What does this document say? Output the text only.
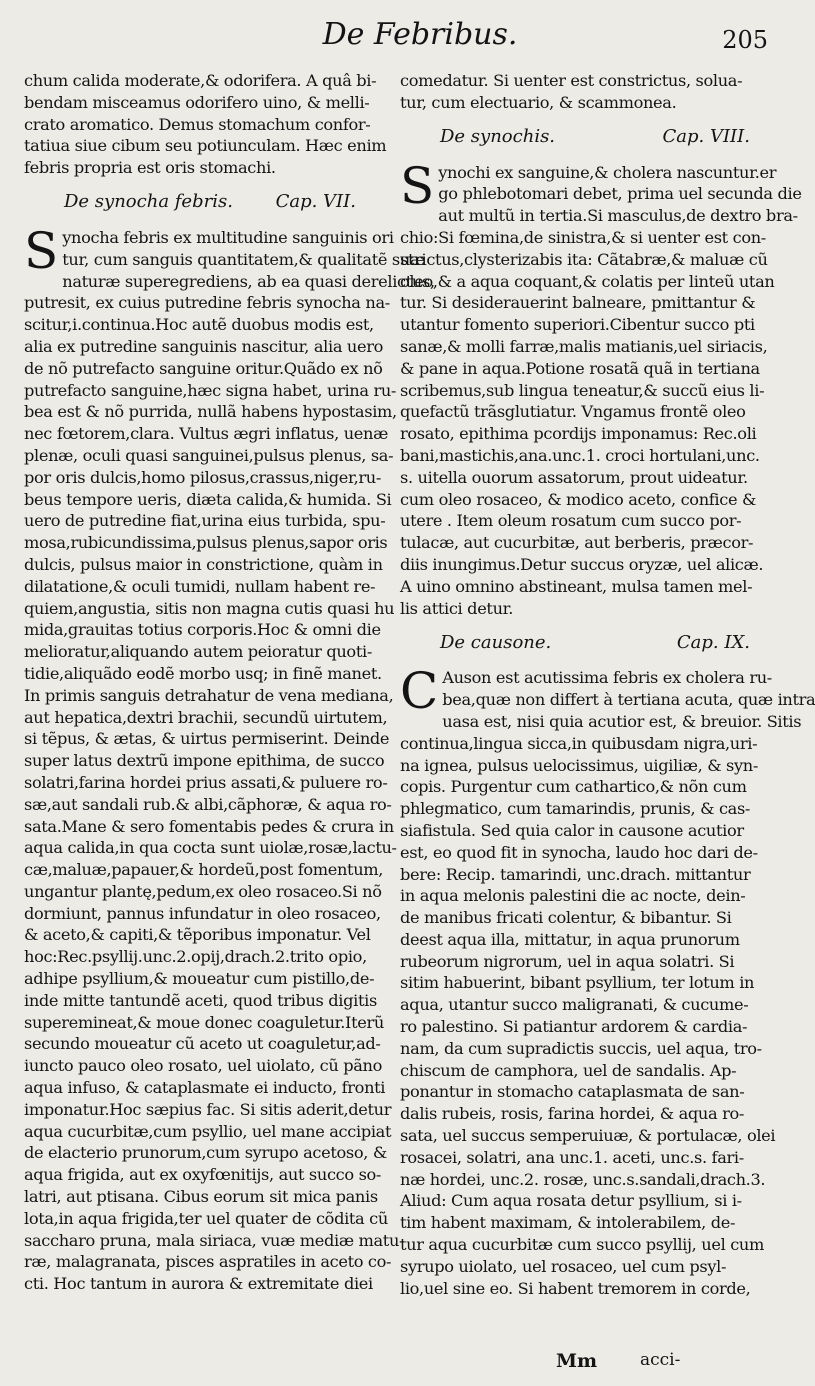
De Febribus.	205
chum calida moderate,& odorifera. A quâ bi-
bendam misceamus odorifero uino, & melli-
crato aromatico. Demus stomachum confor-
tatiua siue cibum seu potiunculam. Hæc enim
febris propria est oris stomachi.
De synocha febris. Cap. VII.
S ynocha febris ex multitudine sanguinis ori
tur, cum sanguis quantitatem,& qualitatẽ suæ
naturæ superegrediens, ab ea quasi derelictus,
putresit, ex cuius putredine febris synocha na-
scitur,i.continua.Hoc autẽ duobus modis est,
alia ex putredine sanguinis nascitur, alia uero
de nõ putrefacto sanguine oritur.Quãdo ex nõ
putrefacto sanguine,hæc signa habet, urina ru-
bea est & nõ purrida, nullã habens hypostasim,
nec fœtorem,clara. Vultus ægri inflatus, uenæ
plenæ, oculi quasi sanguinei,pulsus plenus, sa-
por oris dulcis,homo pilosus,crassus,niger,ru-
beus tempore ueris, diæta calida,& humida. Si
uero de putredine fiat,urina eius turbida, spu-
mosa,rubicundissima,pulsus plenus,sapor oris
dulcis, pulsus maior in constrictione, quàm in
dilatatione,& oculi tumidi, nullam habent re-
quiem,angustia, sitis non magna cutis quasi hu
mida,grauitas totius corporis.Hoc & omni die
melioratur,aliquando autem peioratur quoti-
tidie,aliquãdo eodẽ morbo usq; in finẽ manet.
In primis sanguis detrahatur de vena mediana,
aut hepatica,dextri brachii, secundũ uirtutem,
si tẽpus, & ætas, & uirtus permiserint. Deinde
super latus dextrũ impone epithima, de succo
solatri,farina hordei prius assati,& puluere ro-
sæ,aut sandali rub.& albi,cãphoræ, & aqua ro-
sata.Mane & sero fomentabis pedes & crura in
aqua calida,in qua cocta sunt uiolæ,rosæ,lactu-
cæ,maluæ,papauer,& hordeũ,post fomentum,
ungantur plantę,pedum,ex oleo rosaceo.Si nõ
dormiunt, pannus infundatur in oleo rosaceo,
& aceto,& capiti,& tẽporibus imponatur. Vel
hoc:Rec.psyllij.unc.2.opij,drach.2.trito opio,
adhipe psyllium,& moueatur cum pistillo,de-
inde mitte tantundẽ aceti, quod tribus digitis
superemineat,& moue donec coaguletur.Iterũ
secundo moueatur cũ aceto ut coaguletur,ad-
iuncto pauco oleo rosato, uel uiolato, cũ pãno
aqua infuso, & cataplasmate ei inducto, fronti
imponatur.Hoc sæpius fac. Si sitis aderit,detur
aqua cucurbitæ,cum psyllio, uel mane accipiat
de elacterio prunorum,cum syrupo acetoso, &
aqua frigida, aut ex oxyfœnitijs, aut succo so-
latri, aut ptisana. Cibus eorum sit mica panis
lota,in aqua frigida,ter uel quater de cõdita cũ
saccharo pruna, mala siriaca, vuæ mediæ matu-
ræ, malagranata, pisces aspratiles in aceto co-
cti. Hoc tantum in aurora & extremitate diei
comedatur. Si uenter est constrictus, solua-
tur, cum electuario, & scammonea.
De synochis.	Cap. VIII.
S ynochi ex sanguine,& cholera nascuntur.er
go phlebotomari debet, prima uel secunda die
aut multũ in tertia.Si masculus,de dextro bra-
chio:Si fœmina,de sinistra,& si uenter est con-
strictus,clysterizabis ita: Cãtabræ,& maluæ cũ
oleo,& a aqua coquant,& colatis per linteũ utan
tur. Si desiderauerint balneare, pmittantur &
utantur fomento superiori.Cibentur succo pti
sanæ,& molli farræ,malis matianis,uel siriacis,
& pane in aqua.Potione rosatã quã in tertiana
scribemus,sub lingua teneatur,& succũ eius li-
quefactũ trãsglutiatur. Vngamus frontẽ oleo
rosato, epithima pcordijs imponamus: Rec.oli
bani,mastichis,ana.unc.1. croci hortulani,unc.
s. uitella ouorum assatorum, prout uideatur.
cum oleo rosaceo, & modico aceto, confice &
utere . Item oleum rosatum cum succo por-
tulacæ, aut cucurbitæ, aut berberis, præcor-
diis inungimus.Detur succus oryzæ, uel alicæ.
A uino omnino abstineant, mulsa tamen mel-
lis attici detur.
De causone.	Cap. IX.
C Auson est acutissima febris ex cholera ru-
bea,quæ non differt à tertiana acuta, quæ intra
uasa est, nisi quia acutior est, & breuior. Sitis
continua,lingua sicca,in quibusdam nigra,uri-
na ignea, pulsus uelocissimus, uigiliæ, & syn-
copis. Purgentur cum cathartico,& nõn cum
phlegmatico, cum tamarindis, prunis, & cas-
siafistula. Sed quia calor in causone acutior
est, eo quod fit in synocha, laudo hoc dari de-
bere: Recip. tamarindi, unc.drach. mittantur
in aqua melonis palestini die ac nocte, dein-
de manibus fricati colentur, & bibantur. Si
deest aqua illa, mittatur, in aqua prunorum
rubeorum nigrorum, uel in aqua solatri. Si
sitim habuerint, bibant psyllium, ter lotum in
aqua, utantur succo maligranati, & cucume-
ro palestino. Si patiantur ardorem & cardia-
nam, da cum supradictis succis, uel aqua, tro-
chiscum de camphora, uel de sandalis. Ap-
ponantur in stomacho cataplasmata de san-
dalis rubeis, rosis, farina hordei, & aqua ro-
sata, uel succus semperuiuæ, & portulacæ, olei
rosacei, solatri, ana unc.1. aceti, unc.s. fari-
næ hordei, unc.2. rosæ, unc.s.sandali,drach.3.
Aliud: Cum aqua rosata detur psyllium, si i-
tim habent maximam, & intolerabilem, de-
tur aqua cucurbitæ cum succo psyllij, uel cum
syrupo uiolato, uel rosaceo, uel cum psyl-
lio,uel sine eo. Si habent tremorem in corde,
Mm	acci-
